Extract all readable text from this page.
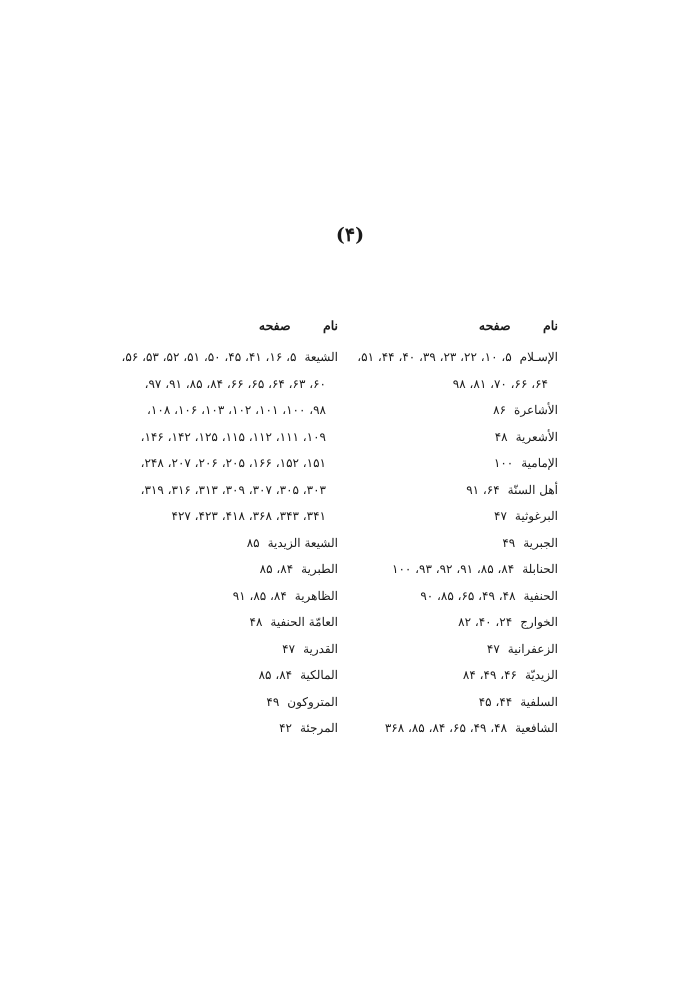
(۴)
نام صفحه
الإسـلام۵، ۱۰، ۲۲، ۲۳، ۳۹، ۴۰، ۴۴، ۵۱،
۶۴، ۶۶، ۷۰، ۸۱، ۹۸
الأشاعرة۸۶
الأشعرية۴۸
الإمامية۱۰۰
أهل السنّة۶۴، ۹۱
البرغوثية۴۷
الجبرية۴۹
الحنابلة۸۴، ۸۵، ۹۱، ۹۲، ۹۳، ۱۰۰
الحنفية۴۸، ۴۹، ۶۵، ۸۵، ۹۰
الخوارج۲۴، ۴۰، ۸۲
الزعفرانية۴۷
الزيديّة۴۶، ۴۹، ۸۴
السلفية۴۴، ۴۵
الشافعية۴۸، ۴۹، ۶۵، ۸۴، ۸۵، ۳۶۸
نام صفحه
الشيعة۵، ۱۶، ۴۱، ۴۵، ۵۰، ۵۱، ۵۲، ۵۳، ۵۶،
۶۰، ۶۳، ۶۴، ۶۵، ۶۶، ۸۴، ۸۵، ۹۱، ۹۷،
۹۸، ۱۰۰، ۱۰۱، ۱۰۲، ۱۰۳، ۱۰۶، ۱۰۸،
۱۰۹، ۱۱۱، ۱۱۲، ۱۱۵، ۱۲۵، ۱۴۲، ۱۴۶،
۱۵۱، ۱۵۲، ۱۶۶، ۲۰۵، ۲۰۶، ۲۰۷، ۲۴۸،
۳۰۳، ۳۰۵، ۳۰۷، ۳۰۹، ۳۱۳، ۳۱۶، ۳۱۹،
۳۴۱، ۳۴۳، ۳۶۸، ۴۱۸، ۴۲۳، ۴۲۷
الشيعة الزيدية۸۵
الطبرية۸۴، ۸۵
الظاهرية۸۴، ۸۵، ۹۱
العامّة الحنفية۴۸
القدرية۴۷
المالكية۸۴، ۸۵
المتروكون۴۹
المرجئة۴۲
